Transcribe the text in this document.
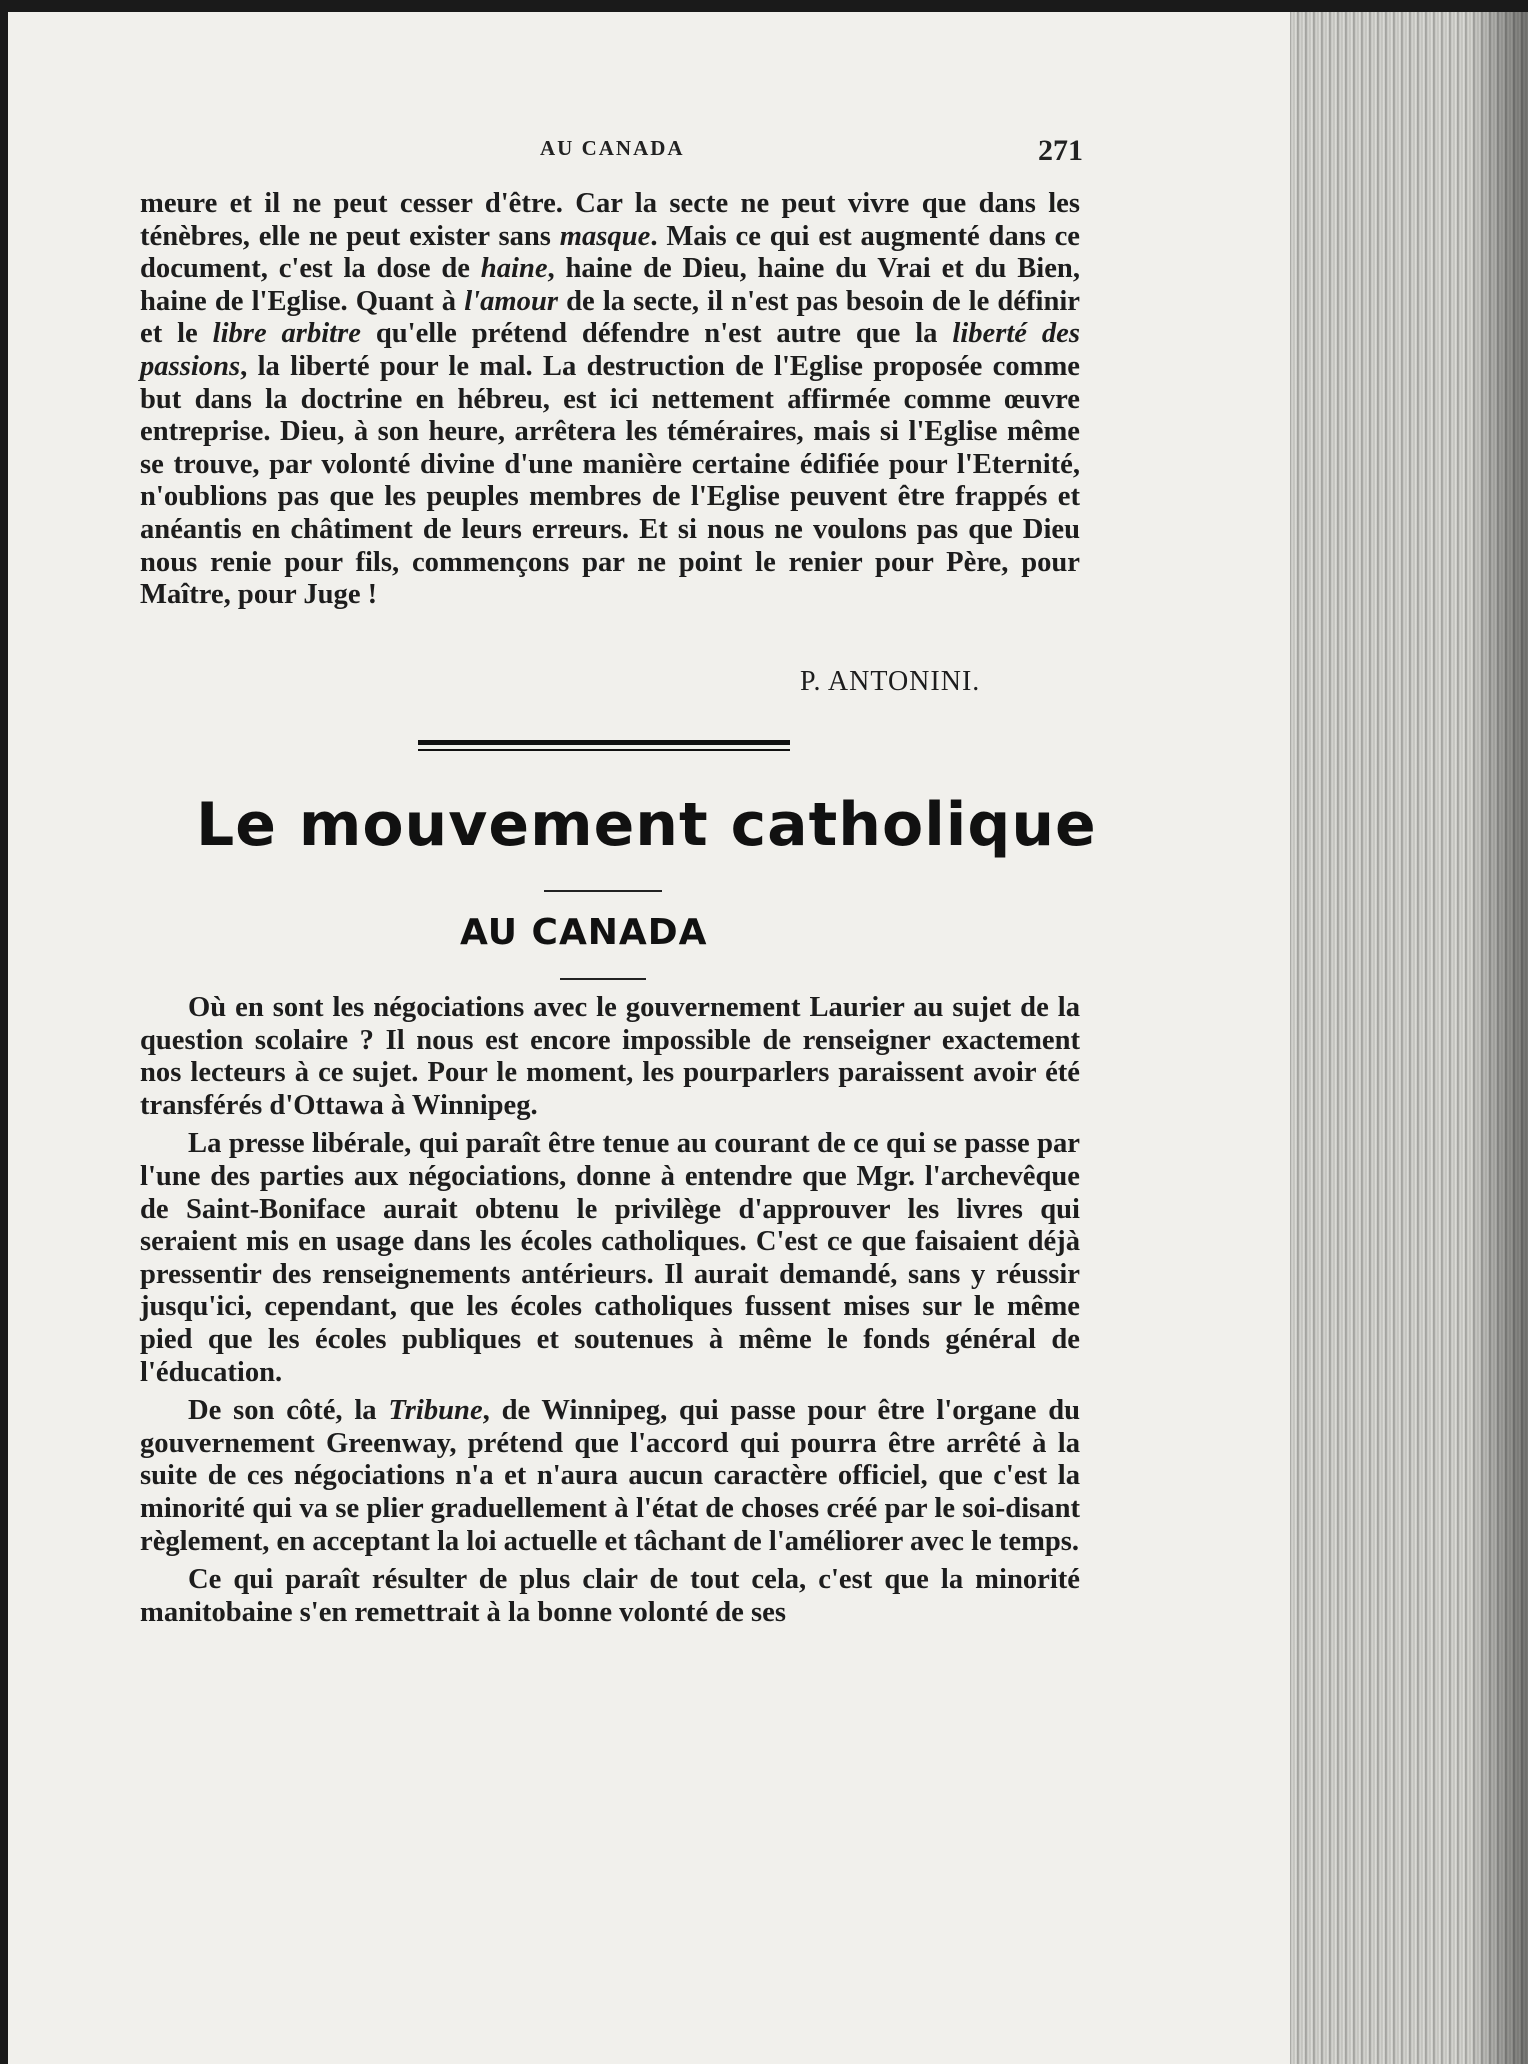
AU CANADA	271

meure et il ne peut cesser d'être. Car la secte ne peut vivre que dans les ténèbres, elle ne peut exister sans masque. Mais ce qui est augmenté dans ce document, c'est la dose de haine, haine de Dieu, haine du Vrai et du Bien, haine de l'Eglise. Quant à l'amour de la secte, il n'est pas besoin de le définir et le libre arbitre qu'elle prétend défendre n'est autre que la liberté des passions, la liberté pour le mal. La destruction de l'Eglise proposée comme but dans la doctrine en hébreu, est ici nettement affirmée comme œuvre entreprise. Dieu, à son heure, arrêtera les téméraires, mais si l'Eglise même se trouve, par volonté divine d'une manière certaine édifiée pour l'Eternité, n'oublions pas que les peuples membres de l'Eglise peuvent être frappés et anéantis en châtiment de leurs erreurs. Et si nous ne voulons pas que Dieu nous renie pour fils, commençons par ne point le renier pour Père, pour Maître, pour Juge !

P. ANTONINI.
Le mouvement catholique
AU CANADA

Où en sont les négociations avec le gouvernement Laurier au sujet de la question scolaire ? Il nous est encore impossible de renseigner exactement nos lecteurs à ce sujet. Pour le moment, les pourparlers paraissent avoir été transférés d'Ottawa à Winnipeg.

La presse libérale, qui paraît être tenue au courant de ce qui se passe par l'une des parties aux négociations, donne à entendre que Mgr. l'archevêque de Saint-Boniface aurait obtenu le privilège d'approuver les livres qui seraient mis en usage dans les écoles catholiques. C'est ce que faisaient déjà pressentir des renseignements antérieurs. Il aurait demandé, sans y réussir jusqu'ici, cependant, que les écoles catholiques fussent mises sur le même pied que les écoles publiques et soutenues à même le fonds général de l'éducation.

De son côté, la Tribune, de Winnipeg, qui passe pour être l'organe du gouvernement Greenway, prétend que l'accord qui pourra être arrêté à la suite de ces négociations n'a et n'aura aucun caractère officiel, que c'est la minorité qui va se plier graduellement à l'état de choses créé par le soi-disant règlement, en acceptant la loi actuelle et tâchant de l'améliorer avec le temps.

Ce qui paraît résulter de plus clair de tout cela, c'est que la minorité manitobaine s'en remettrait à la bonne volonté de ses
